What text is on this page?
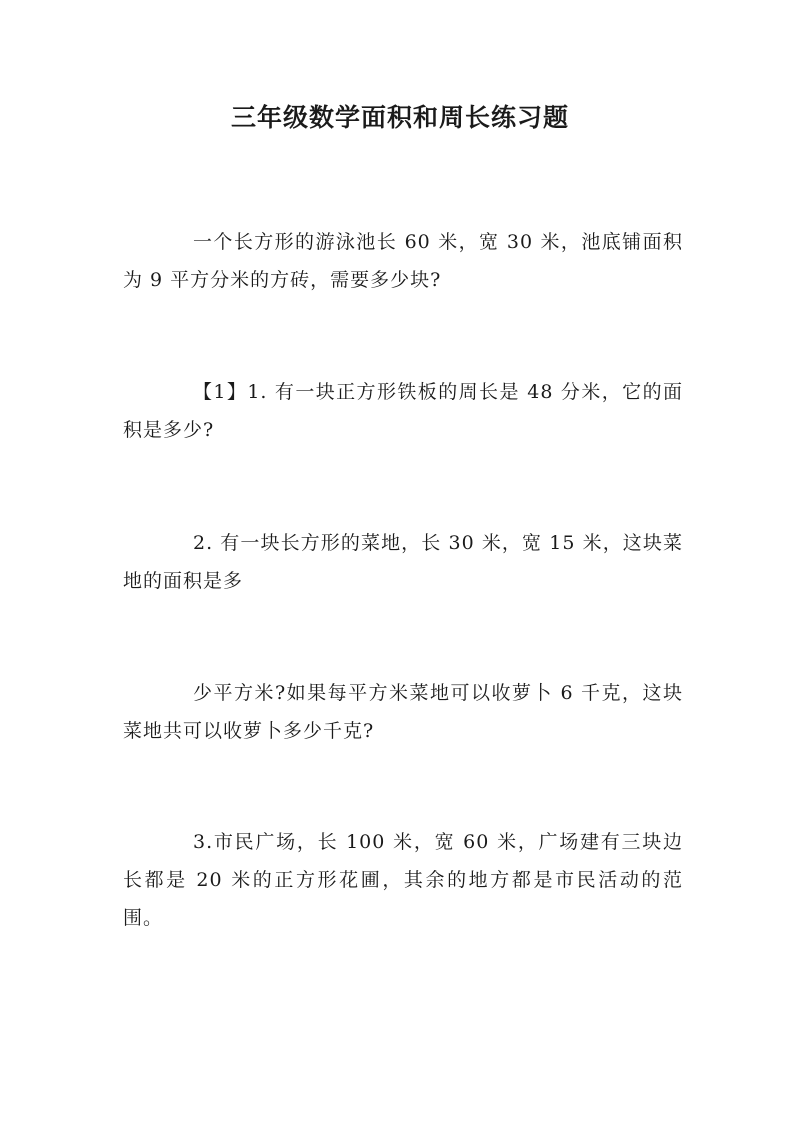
三年级数学面积和周长练习题

一个长方形的游泳池长 60 米，宽 30 米，池底铺面积为 9 平方分米的方砖，需要多少块?

【1】1. 有一块正方形铁板的周长是 48 分米，它的面积是多少?

2. 有一块长方形的菜地，长 30 米，宽 15 米，这块菜地的面积是多

少平方米?如果每平方米菜地可以收萝卜 6 千克，这块菜地共可以收萝卜多少千克?

3.市民广场，长 100 米，宽 60 米，广场建有三块边长都是 20 米的正方形花圃，其余的地方都是市民活动的范围。
